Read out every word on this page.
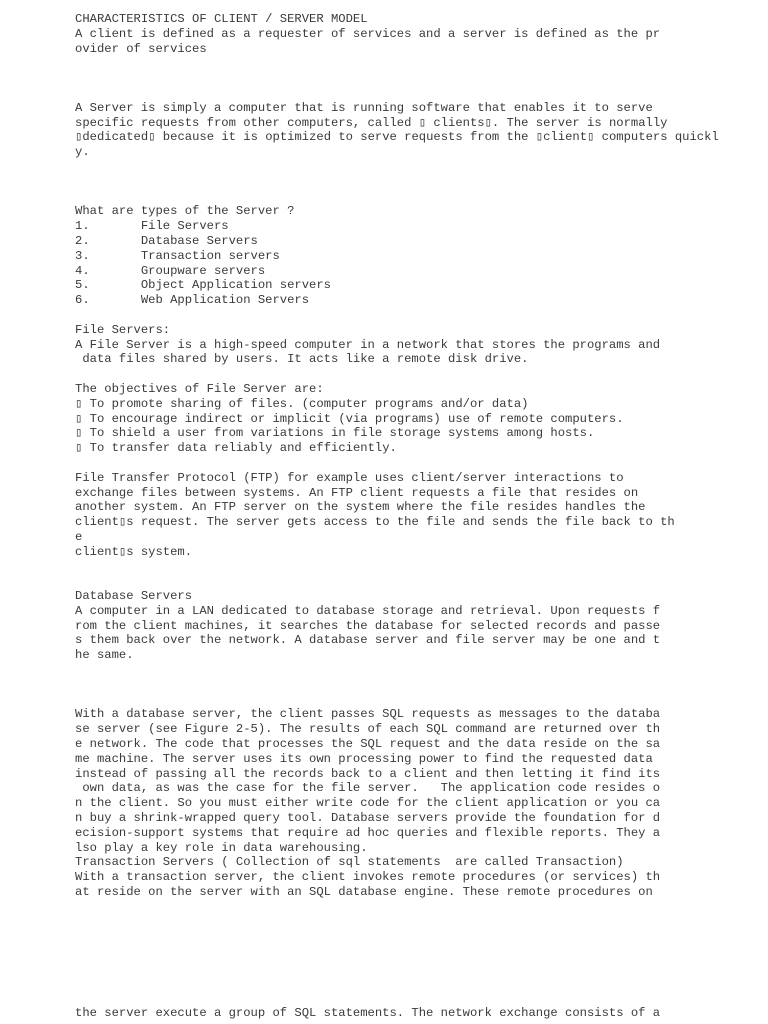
CHARACTERISTICS OF CLIENT / SERVER MODEL
A client is defined as a requester of services and a server is defined as the pr
ovider of services
A Server is simply a computer that is running software that enables it to serve
specific requests from other computers, called ▯ clients▯. The server is normally
▯dedicated▯ because it is optimized to serve requests from the ▯client▯ computers quickl
y.
What are types of the Server ?
1.       File Servers
2.       Database Servers
3.       Transaction servers
4.       Groupware servers
5.       Object Application servers
6.       Web Application Servers
File Servers:
A File Server is a high-speed computer in a network that stores the programs and
data files shared by users. It acts like a remote disk drive.
The objectives of File Server are:
▯ To promote sharing of files. (computer programs and/or data)
▯ To encourage indirect or implicit (via programs) use of remote computers.
▯ To shield a user from variations in file storage systems among hosts.
▯ To transfer data reliably and efficiently.
File Transfer Protocol (FTP) for example uses client/server interactions to
exchange files between systems. An FTP client requests a file that resides on
another system. An FTP server on the system where the file resides handles the
client▯s request. The server gets access to the file and sends the file back to th
e
client▯s system.
Database Servers
A computer in a LAN dedicated to database storage and retrieval. Upon requests f
rom the client machines, it searches the database for selected records and passe
s them back over the network. A database server and file server may be one and t
he same.
With a database server, the client passes SQL requests as messages to the databa
se server (see Figure 2-5). The results of each SQL command are returned over th
e network. The code that processes the SQL request and the data reside on the sa
me machine. The server uses its own processing power to find the requested data
instead of passing all the records back to a client and then letting it find its
own data, as was the case for the file server.   The application code resides o
n the client. So you must either write code for the client application or you ca
n buy a shrink-wrapped query tool. Database servers provide the foundation for d
ecision-support systems that require ad hoc queries and flexible reports. They a
lso play a key role in data warehousing.
Transaction Servers ( Collection of sql statements  are called Transaction)
With a transaction server, the client invokes remote procedures (or services) th
at reside on the server with an SQL database engine. These remote procedures on
the server execute a group of SQL statements. The network exchange consists of a
